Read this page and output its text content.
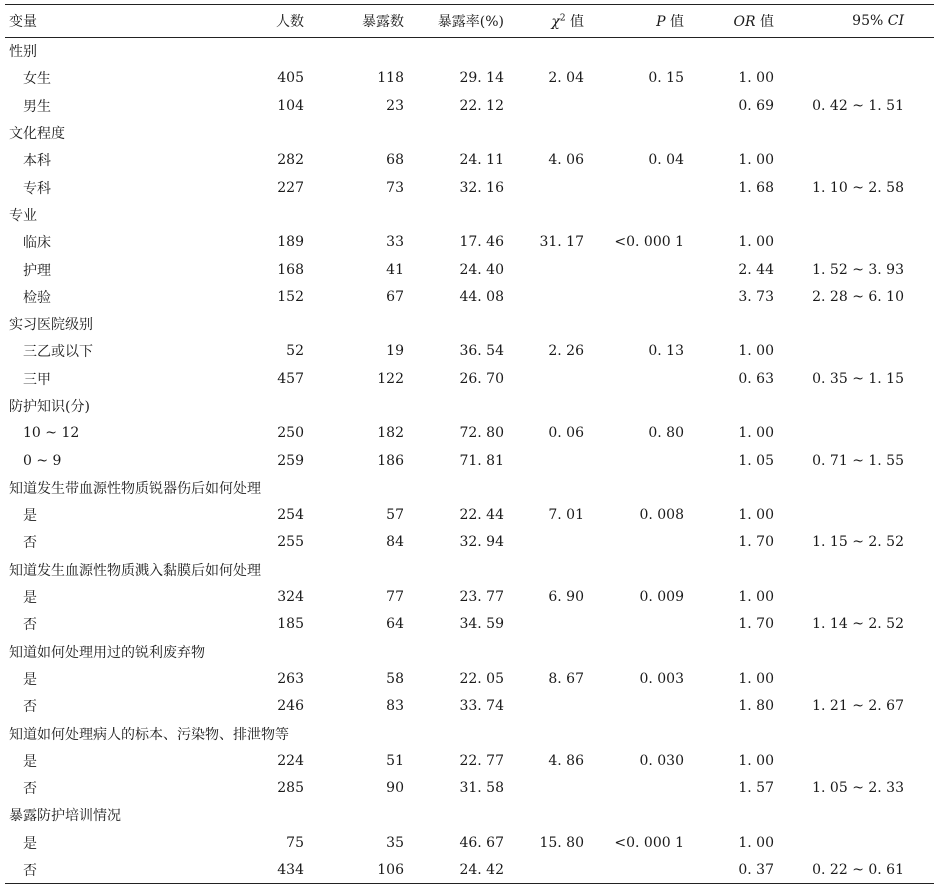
变量	人数	暴露数	暴露率(%)	$\chi^2$ 值	P 值	OR 值	95% CI
性别							
女生	405	118	29. 14	2. 04	0. 15	1. 00	
男生	104	23	22. 12			0. 69	0. 42 ~ 1. 51
文化程度							
本科	282	68	24. 11	4. 06	0. 04	1. 00	
专科	227	73	32. 16			1. 68	1. 10 ~ 2. 58
专业							
临床	189	33	17. 46	31. 17	<0. 000 1	1. 00	
护理	168	41	24. 40			2. 44	1. 52 ~ 3. 93
检验	152	67	44. 08			3. 73	2. 28 ~ 6. 10
实习医院级别							
三乙或以下	52	19	36. 54	2. 26	0. 13	1. 00	
三甲	457	122	26. 70			0. 63	0. 35 ~ 1. 15
防护知识(分)							
10 ~ 12	250	182	72. 80	0. 06	0. 80	1. 00	
0 ~ 9	259	186	71. 81			1. 05	0. 71 ~ 1. 55
知道发生带血源性物质锐器伤后如何处理							
是	254	57	22. 44	7. 01	0. 008	1. 00	
否	255	84	32. 94			1. 70	1. 15 ~ 2. 52
知道发生血源性物质溅入黏膜后如何处理							
是	324	77	23. 77	6. 90	0. 009	1. 00	
否	185	64	34. 59			1. 70	1. 14 ~ 2. 52
知道如何处理用过的锐利废弃物							
是	263	58	22. 05	8. 67	0. 003	1. 00	
否	246	83	33. 74			1. 80	1. 21 ~ 2. 67
知道如何处理病人的标本、污染物、排泄物等							
是	224	51	22. 77	4. 86	0. 030	1. 00	
否	285	90	31. 58			1. 57	1. 05 ~ 2. 33
暴露防护培训情况							
是	75	35	46. 67	15. 80	<0. 000 1	1. 00	
否	434	106	24. 42			0. 37	0. 22 ~ 0. 61
